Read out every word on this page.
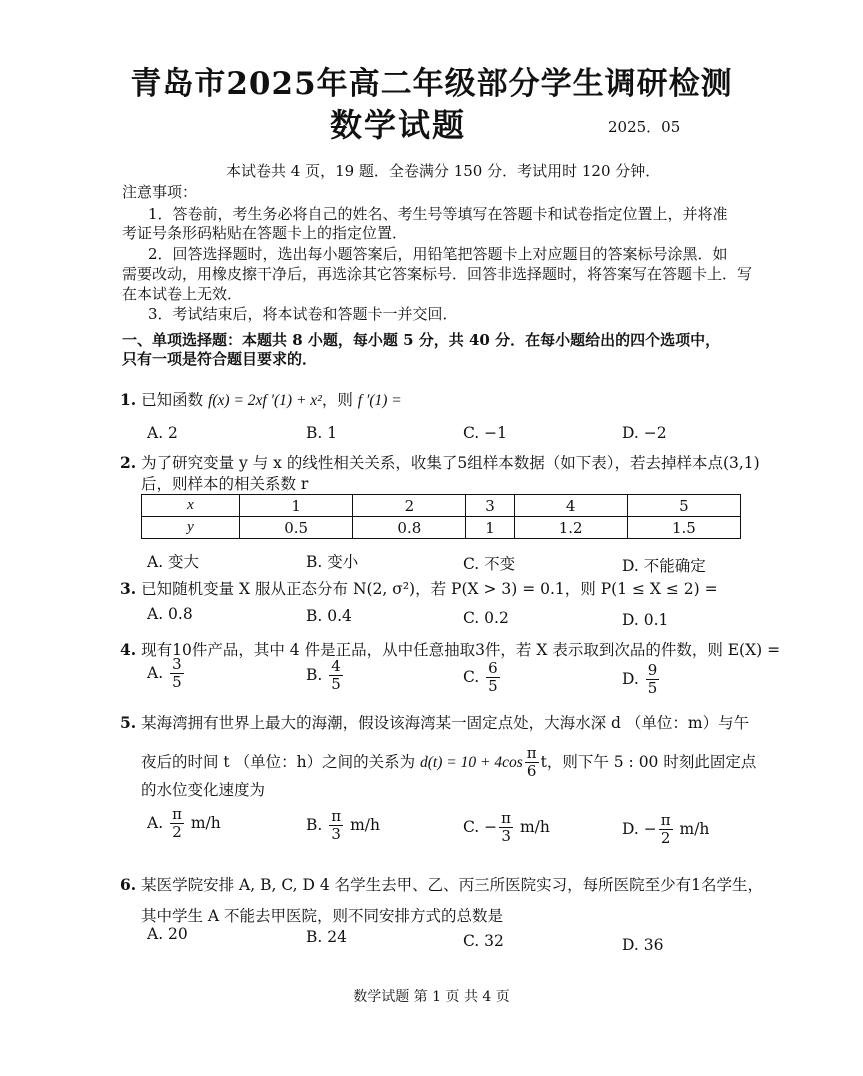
青岛市2025年高二年级部分学生调研检测
数学试题	2025．05
本试卷共 4 页，19 题．全卷满分 150 分．考试用时 120 分钟．
注意事项：
1．答卷前，考生务必将自己的姓名、考生号等填写在答题卡和试卷指定位置上，并将准
考证号条形码粘贴在答题卡上的指定位置．
2．回答选择题时，选出每小题答案后，用铅笔把答题卡上对应题目的答案标号涂黑．如
需要改动，用橡皮擦干净后，再选涂其它答案标号．回答非选择题时，将答案写在答题卡上．写
在本试卷上无效．
3．考试结束后，将本试卷和答题卡一并交回．
一、单项选择题：本题共 8 小题，每小题 5 分，共 40 分．在每小题给出的四个选项中，
只有一项是符合题目要求的．
1. 已知函数 f(x) = 2xf ′(1) + x²，则 f ′(1) =
A. 2	B. 1	C. −1	D. −2
2. 为了研究变量 y 与 x 的线性相关关系，收集了5组样本数据（如下表），若去掉样本点(3,1)
后，则样本的相关系数 r
x	1	2	3	4	5
y	0.5	0.8	1	1.2	1.5
A. 变大	B. 变小	C. 不变	D. 不能确定
3. 已知随机变量 X 服从正态分布 N(2, σ²)，若 P(X > 3) = 0.1，则 P(1 ≤ X ≤ 2) =
A. 0.8	B. 0.4	C. 0.2	D. 0.1
4. 现有10件产品，其中 4 件是正品，从中任意抽取3件，若 X 表示取到次品的件数，则 E(X) =
A. $\frac{3}{5}$	B. $\frac{4}{5}$	C. $\frac{6}{5}$	D. $\frac{9}{5}$
5. 某海湾拥有世界上最大的海潮，假设该海湾某一固定点处，大海水深 d （单位：m）与午
夜后的时间 t （单位：h）之间的关系为 $d(t) = 10 + 4\cos \frac{\pi}{6}$ t，则下午 5 : 00 时刻此固定点
的水位变化速度为
A. $\frac{\pi}{2} m/h$	B. $\frac{\pi}{3} m/h$	C. − $\frac{\pi}{3} m/h$	D. − $\frac{\pi}{2} m/h$
6. 某医学院安排 A, B, C, D 4 名学生去甲、乙、丙三所医院实习，每所医院至少有1名学生，
其中学生 A 不能去甲医院，则不同安排方式的总数是
A. 20	B. 24	C. 32	D. 36
数学试题 第 1 页 共 4 页
